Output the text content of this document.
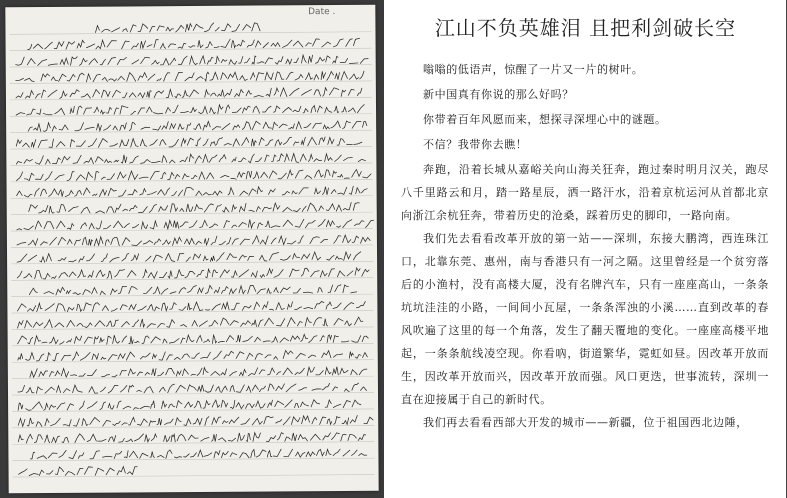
Date .
江山不负英雄泪 且把利剑破长空

嗡嗡的低语声，惊醒了一片又一片的树叶。

新中国真有你说的那么好吗？

你带着百年风愿而来，想探寻深埋心中的谜题。

不信？我带你去瞧！

奔跑，沿着长城从嘉峪关向山海关狂奔，跑过秦时明月汉关，跑尽八千里路云和月，踏一路星辰，洒一路汗水，沿着京杭运河从首都北京向浙江余杭狂奔，带着历史的沧桑，踩着历史的脚印，一路向南。

我们先去看看改革开放的第一站——深圳，东接大鹏湾，西连珠江口，北靠东莞、惠州，南与香港只有一河之隔。这里曾经是一个贫穷落后的小渔村，没有高楼大厦，没有名牌汽车，只有一座座高山，一条条坑坑洼洼的小路，一间间小瓦屋，一条条浑浊的小溪……直到改革的春风吹遍了这里的每一个角落，发生了翻天覆地的变化。一座座高楼平地起，一条条航线凌空现。你看吶，街道繁华，霓虹如昼。因改革开放而生，因改革开放而兴，因改革开放而强。风口更迭，世事流转，深圳一直在迎接属于自己的新时代。

我们再去看看西部大开发的城市——新疆，位于祖国西北边陲，
